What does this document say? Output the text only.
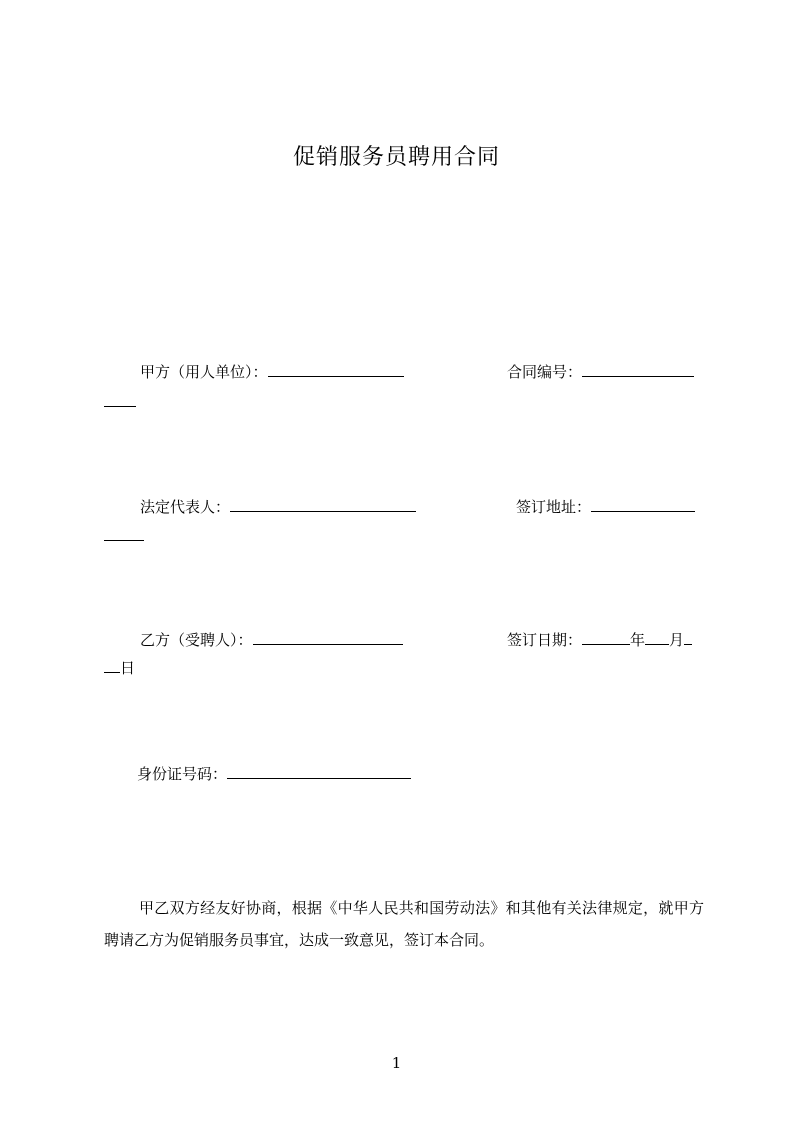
促销服务员聘用合同
甲方（用人单位）：	合同编号：
法定代表人：	签订地址：
乙方（受聘人）：	签订日期：	年 月
日
身份证号码：
甲乙双方经友好协商，根据《中华人民共和国劳动法》和其他有关法律规定，就甲方聘请乙方为促销服务员事宜，达成一致意见，签订本合同。
1
